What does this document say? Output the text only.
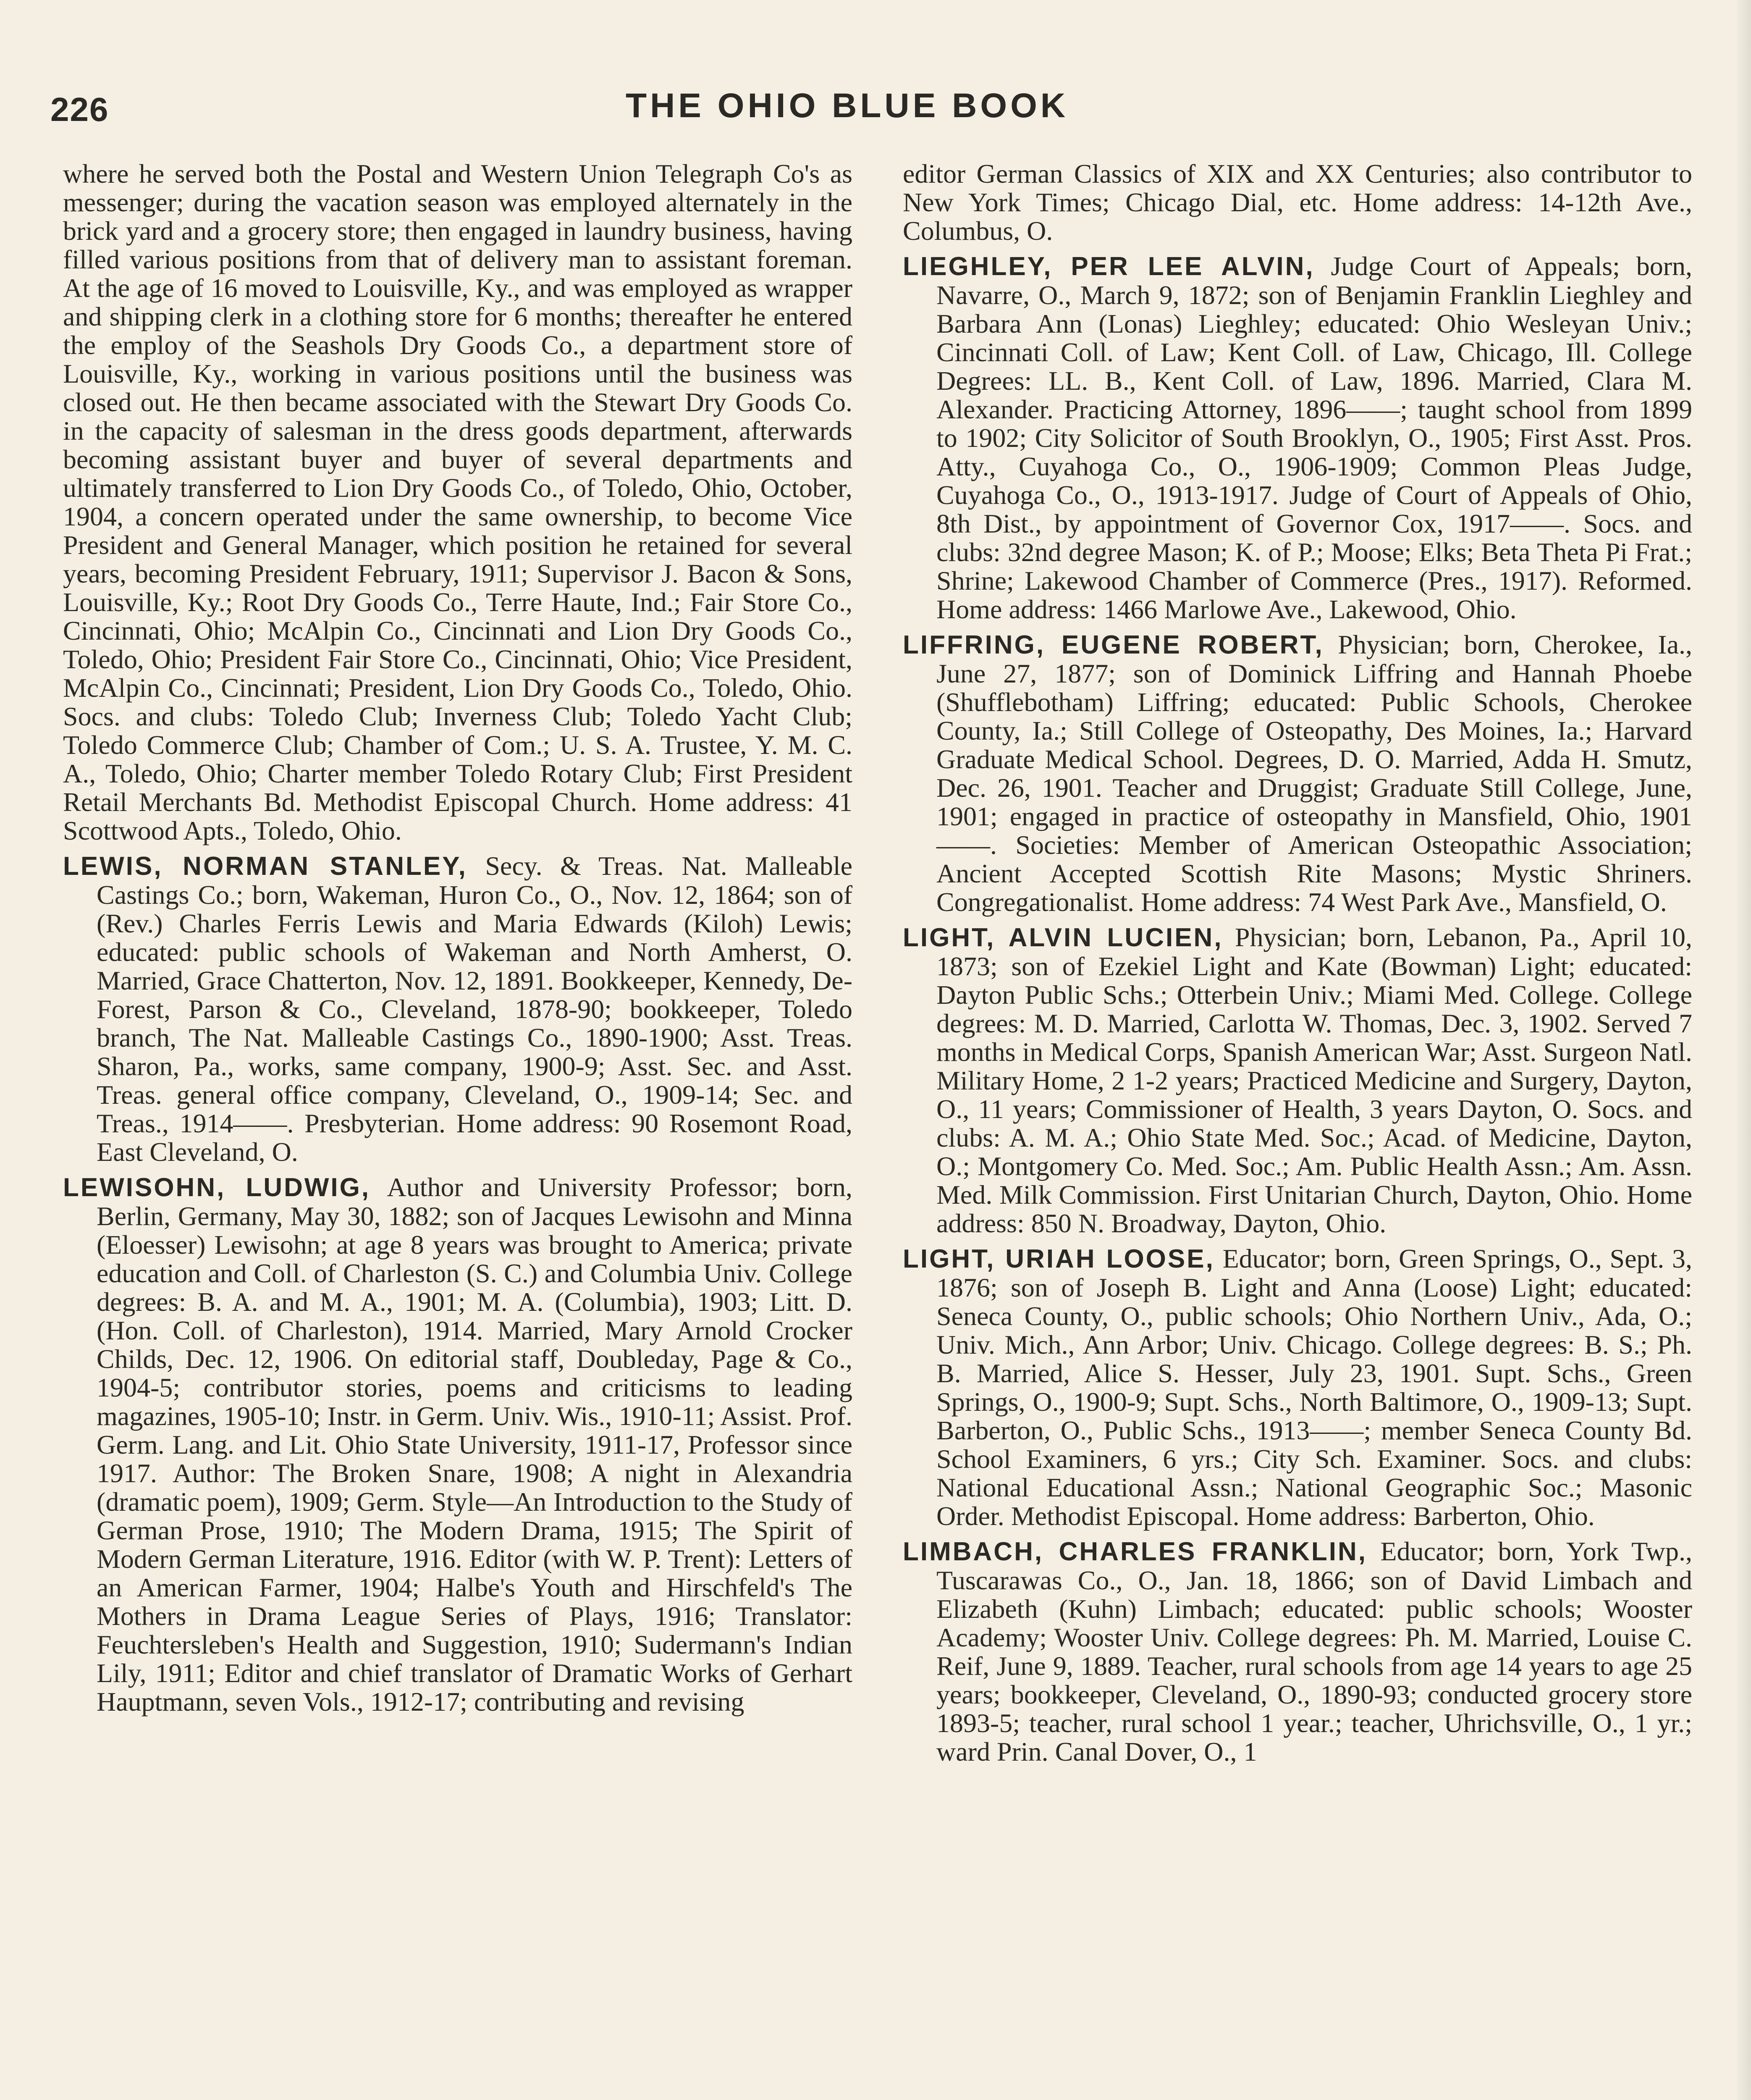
226	THE OHIO BLUE BOOK

where he served both the Postal and Western Union Telegraph Co's as messenger; during the vacation season was employed alternately in the brick yard and a grocery store; then engaged in laundry business, having filled various positions from that of delivery man to assistant foreman. At the age of 16 moved to Louisville, Ky., and was employed as wrapper and shipping clerk in a clothing store for 6 months; thereafter he entered the employ of the Seashols Dry Goods Co., a department store of Louisville, Ky., working in various positions until the business was closed out. He then became associated with the Stewart Dry Goods Co. in the capacity of salesman in the dress goods department, afterwards becoming assistant buyer and buyer of several departments and ultimately transferred to Lion Dry Goods Co., of Toledo, Ohio, October, 1904, a concern operated under the same ownership, to become Vice President and General Manager, which position he retained for several years, becoming President February, 1911; Supervisor J. Bacon & Sons, Louisville, Ky.; Root Dry Goods Co., Terre Haute, Ind.; Fair Store Co., Cincinnati, Ohio; McAlpin Co., Cincinnati and Lion Dry Goods Co., Toledo, Ohio; President Fair Store Co., Cincinnati, Ohio; Vice President, McAlpin Co., Cincinnati; President, Lion Dry Goods Co., Toledo, Ohio. Socs. and clubs: Toledo Club; Inverness Club; Toledo Yacht Club; Toledo Commerce Club; Chamber of Com.; U. S. A. Trustee, Y. M. C. A., Toledo, Ohio; Charter member Toledo Rotary Club; First President Retail Merchants Bd. Methodist Episcopal Church. Home address: 41 Scottwood Apts., Toledo, Ohio.

LEWIS, NORMAN STANLEY, Secy. & Treas. Nat. Malleable Castings Co.; born, Wakeman, Huron Co., O., Nov. 12, 1864; son of (Rev.) Charles Ferris Lewis and Maria Edwards (Kiloh) Lewis; educated: public schools of Wakeman and North Amherst, O. Married, Grace Chatterton, Nov. 12, 1891. Bookkeeper, Kennedy, De-Forest, Parson & Co., Cleveland, 1878-90; bookkeeper, Toledo branch, The Nat. Malleable Castings Co., 1890-1900; Asst. Treas. Sharon, Pa., works, same company, 1900-9; Asst. Sec. and Asst. Treas. general office company, Cleveland, O., 1909-14; Sec. and Treas., 1914——. Presbyterian. Home address: 90 Rosemont Road, East Cleveland, O.

LEWISOHN, LUDWIG, Author and University Professor; born, Berlin, Germany, May 30, 1882; son of Jacques Lewisohn and Minna (Eloesser) Lewisohn; at age 8 years was brought to America; private education and Coll. of Charleston (S. C.) and Columbia Univ. College degrees: B. A. and M. A., 1901; M. A. (Columbia), 1903; Litt. D. (Hon. Coll. of Charleston), 1914. Married, Mary Arnold Crocker Childs, Dec. 12, 1906. On editorial staff, Doubleday, Page & Co., 1904-5; contributor stories, poems and criticisms to leading magazines, 1905-10; Instr. in Germ. Univ. Wis., 1910-11; Assist. Prof. Germ. Lang. and Lit. Ohio State University, 1911-17, Professor since 1917. Author: The Broken Snare, 1908; A night in Alexandria (dramatic poem), 1909; Germ. Style—An Introduction to the Study of German Prose, 1910; The Modern Drama, 1915; The Spirit of Modern German Literature, 1916. Editor (with W. P. Trent): Letters of an American Farmer, 1904; Halbe's Youth and Hirschfeld's The Mothers in Drama League Series of Plays, 1916; Translator: Feuchtersleben's Health and Suggestion, 1910; Sudermann's Indian Lily, 1911; Editor and chief translator of Dramatic Works of Gerhart Hauptmann, seven Vols., 1912-17; contributing and revising

editor German Classics of XIX and XX Centuries; also contributor to New York Times; Chicago Dial, etc. Home address: 14-12th Ave., Columbus, O.

LIEGHLEY, PER LEE ALVIN, Judge Court of Appeals; born, Navarre, O., March 9, 1872; son of Benjamin Franklin Lieghley and Barbara Ann (Lonas) Lieghley; educated: Ohio Wesleyan Univ.; Cincinnati Coll. of Law; Kent Coll. of Law, Chicago, Ill. College Degrees: LL. B., Kent Coll. of Law, 1896. Married, Clara M. Alexander. Practicing Attorney, 1896——; taught school from 1899 to 1902; City Solicitor of South Brooklyn, O., 1905; First Asst. Pros. Atty., Cuyahoga Co., O., 1906-1909; Common Pleas Judge, Cuyahoga Co., O., 1913-1917. Judge of Court of Appeals of Ohio, 8th Dist., by appointment of Governor Cox, 1917——. Socs. and clubs: 32nd degree Mason; K. of P.; Moose; Elks; Beta Theta Pi Frat.; Shrine; Lakewood Chamber of Commerce (Pres., 1917). Reformed. Home address: 1466 Marlowe Ave., Lakewood, Ohio.

LIFFRING, EUGENE ROBERT, Physician; born, Cherokee, Ia., June 27, 1877; son of Dominick Liffring and Hannah Phoebe (Shufflebotham) Liffring; educated: Public Schools, Cherokee County, Ia.; Still College of Osteopathy, Des Moines, Ia.; Harvard Graduate Medical School. Degrees, D. O. Married, Adda H. Smutz, Dec. 26, 1901. Teacher and Druggist; Graduate Still College, June, 1901; engaged in practice of osteopathy in Mansfield, Ohio, 1901——. Societies: Member of American Osteopathic Association; Ancient Accepted Scottish Rite Masons; Mystic Shriners. Congregationalist. Home address: 74 West Park Ave., Mansfield, O.

LIGHT, ALVIN LUCIEN, Physician; born, Lebanon, Pa., April 10, 1873; son of Ezekiel Light and Kate (Bowman) Light; educated: Dayton Public Schs.; Otterbein Univ.; Miami Med. College. College degrees: M. D. Married, Carlotta W. Thomas, Dec. 3, 1902. Served 7 months in Medical Corps, Spanish American War; Asst. Surgeon Natl. Military Home, 2 1-2 years; Practiced Medicine and Surgery, Dayton, O., 11 years; Commissioner of Health, 3 years Dayton, O. Socs. and clubs: A. M. A.; Ohio State Med. Soc.; Acad. of Medicine, Dayton, O.; Montgomery Co. Med. Soc.; Am. Public Health Assn.; Am. Assn. Med. Milk Commission. First Unitarian Church, Dayton, Ohio. Home address: 850 N. Broadway, Dayton, Ohio.

LIGHT, URIAH LOOSE, Educator; born, Green Springs, O., Sept. 3, 1876; son of Joseph B. Light and Anna (Loose) Light; educated: Seneca County, O., public schools; Ohio Northern Univ., Ada, O.; Univ. Mich., Ann Arbor; Univ. Chicago. College degrees: B. S.; Ph. B. Married, Alice S. Hesser, July 23, 1901. Supt. Schs., Green Springs, O., 1900-9; Supt. Schs., North Baltimore, O., 1909-13; Supt. Barberton, O., Public Schs., 1913——; member Seneca County Bd. School Examiners, 6 yrs.; City Sch. Examiner. Socs. and clubs: National Educational Assn.; National Geographic Soc.; Masonic Order. Methodist Episcopal. Home address: Barberton, Ohio.

LIMBACH, CHARLES FRANKLIN, Educator; born, York Twp., Tuscarawas Co., O., Jan. 18, 1866; son of David Limbach and Elizabeth (Kuhn) Limbach; educated: public schools; Wooster Academy; Wooster Univ. College degrees: Ph. M. Married, Louise C. Reif, June 9, 1889. Teacher, rural schools from age 14 years to age 25 years; bookkeeper, Cleveland, O., 1890-93; conducted grocery store 1893-5; teacher, rural school 1 year.; teacher, Uhrichsville, O., 1 yr.; ward Prin. Canal Dover, O., 1
